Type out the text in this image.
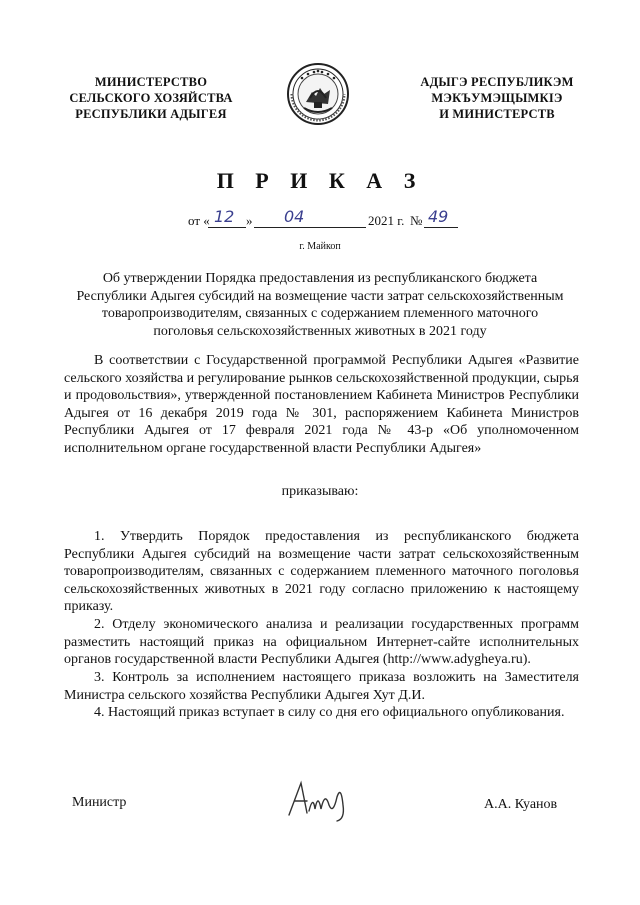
МИНИСТЕРСТВО
СЕЛЬСКОГО ХОЗЯЙСТВА
РЕСПУБЛИКИ АДЫГЕЯ
АДЫГЭ РЕСПУБЛИКЭМ
МЭКЪУМЭЩЫМКІЭ
И МИНИСТЕРСТВ
П Р И К А З
от « 12 » 04	2021 г. № 49
г. Майкоп
Об утверждении Порядка предоставления из республиканского бюджета
Республики Адыгея субсидий на возмещение части затрат сельскохозяйственным
товаропроизводителям, связанных с содержанием племенного маточного
поголовья сельскохозяйственных животных в 2021 году
В соответствии с Государственной программой Республики Адыгея «Развитие сельского хозяйства и регулирование рынков сельскохозяйственной продукции, сырья и продовольствия», утвержденной постановлением Кабинета Министров Республики Адыгея от 16 декабря 2019 года № 301, распоряжением Кабинета Министров Республики Адыгея от 17 февраля 2021 года № 43-р «Об уполномоченном исполнительном органе государственной власти Республики Адыгея»
приказываю:
1. Утвердить Порядок предоставления из республиканского бюджета Республики Адыгея субсидий на возмещение части затрат сельскохозяйственным товаропроизводителям, связанных с содержанием племенного маточного поголовья сельскохозяйственных животных в 2021 году согласно приложению к настоящему приказу.
2. Отделу экономического анализа и реализации государственных программ разместить настоящий приказ на официальном Интернет-сайте исполнительных органов государственной власти Республики Адыгея (http://www.adygheya.ru).
3. Контроль за исполнением настоящего приказа возложить на Заместителя Министра сельского хозяйства Республики Адыгея Хут Д.И.
4. Настоящий приказ вступает в силу со дня его официального опубликования.
Министр	А.А. Куанов
